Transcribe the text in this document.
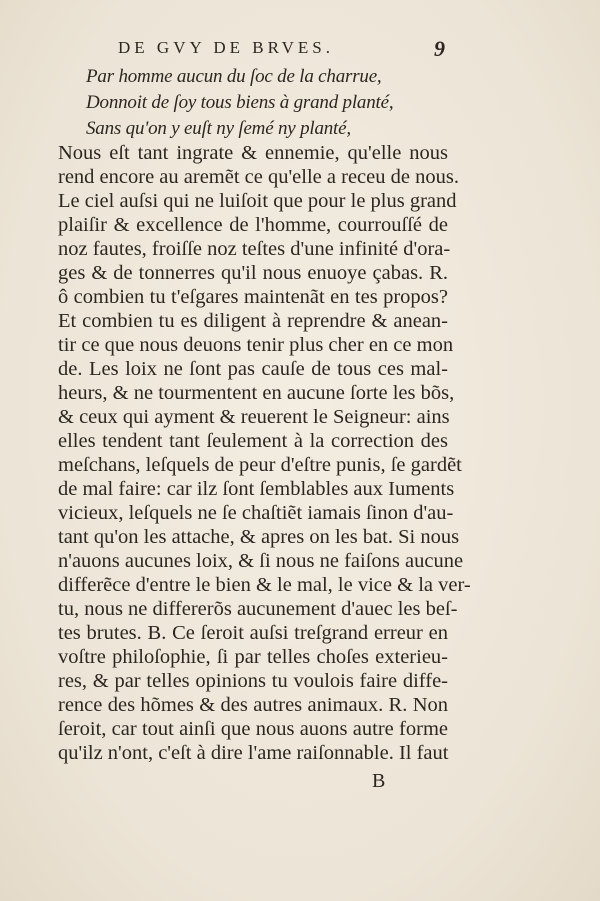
DE GVY DE BRVES.	9
Par homme aucun du ſoc de la charrue,
Donnoit de ſoy tous biens à grand planté,
Sans qu'on y euſt ny ſemé ny planté,
Nous eſt tant ingrate & ennemie, qu'elle nous
rend encore au aremẽt ce qu'elle a receu de nous.
Le ciel auſsi qui ne luiſoit que pour le plus grand
plaiſir & excellence de l'homme, courrouſſé de
noz fautes, froiſſe noz teſtes d'une infinité d'ora-
ges & de tonnerres qu'il nous enuoye çabas. R.
ô combien tu t'eſgares maintenãt en tes propos?
Et combien tu es diligent à reprendre & anean-
tir ce que nous deuons tenir plus cher en ce mon
de. Les loix ne ſont pas cauſe de tous ces mal-
heurs, & ne tourmentent en aucune ſorte les bõs,
& ceux qui ayment & reuerent le Seigneur: ains
elles tendent tant ſeulement à la correction des
meſchans, leſquels de peur d'eſtre punis, ſe gardẽt
de mal faire: car ilz ſont ſemblables aux Iuments
vicieux, leſquels ne ſe chaſtiẽt iamais ſinon d'au-
tant qu'on les attache, & apres on les bat. Si nous
n'auons aucunes loix, & ſi nous ne faiſons aucune
differẽce d'entre le bien & le mal, le vice & la ver-
tu, nous ne differerõs aucunement d'auec les beſ-
tes brutes. B. Ce ſeroit auſsi treſgrand erreur en
voſtre philoſophie, ſi par telles choſes exterieu-
res, & par telles opinions tu voulois faire diffe-
rence des hõmes & des autres animaux. R. Non
ſeroit, car tout ainſi que nous auons autre forme
qu'ilz n'ont, c'eſt à dire l'ame raiſonnable. Il faut
B
